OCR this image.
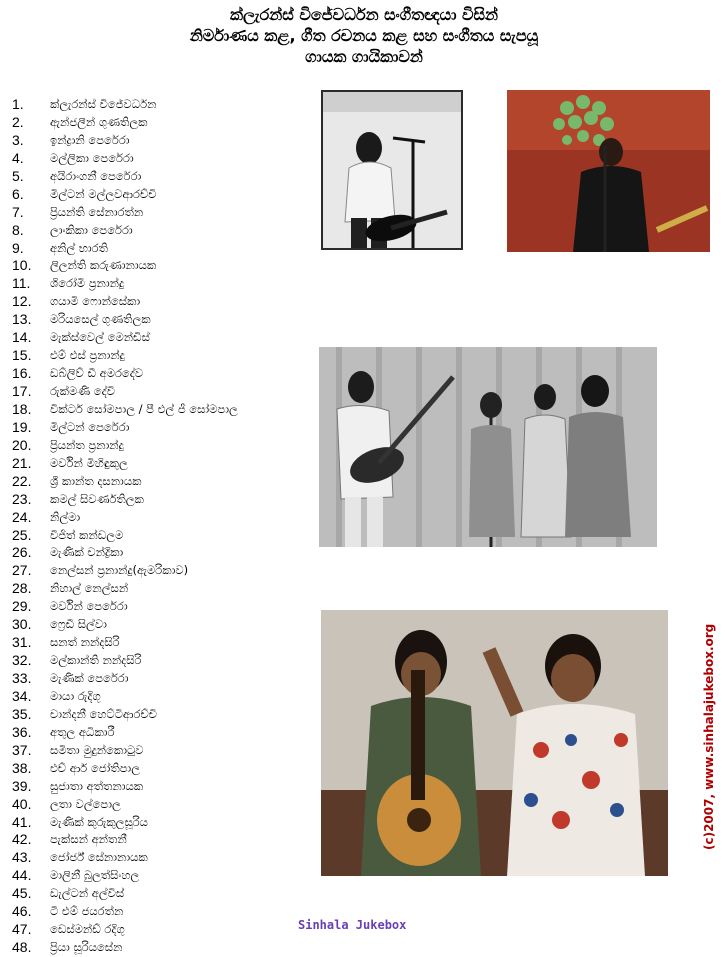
ක්ලැරන්ස් විජේවර්ධන සංගීතඥයා විසින්
නිර්මාණය කළ, ගීත රචනය කළ සහ සංගීතය සැපයූ
ගායක ගායිකාවන්
1.	ක්ලැරන්ස් විජේවර්ධන
2.	ඇන්ජලීන් ගුණතිලක
3.	ඉන්ද්‍රානි පෙරේරා
4.	මල්ලිකා පෙරේරා
5.	අයිරාංගනී පෙරේරා
6.	මිල්ටන් මල්ලවආරච්චි
7.	ප්‍රියන්ති සේනාරත්න
8.	ලාංකිකා පෙරේරා
9.	අනිල් භාරති
10.	ලිලන්ති කරුණානායක
11.	ශිරෝමි ප්‍රනාන්දු
12.	ගයාමි ෆොන්සේකා
13.	මරියසෙල් ගුණතිලක
14.	මැක්ස්වෙල් මෙන්ඩිස්
15.	එම් එස් ප්‍රනාන්දු
16.	ඩබ්ලිව් ඩී අමරදේව
17.	රුක්මණි දේවි
18.	වික්ටර් සෝමපාල / පී එල් ජී සෝමපාල
19.	මිල්ටන් පෙරේරා
20.	ප්‍රියන්ත ප්‍රනාන්දු
21.	මර්වින් මිහිඳුකුල
22.	ශ්‍රී කාන්ත දසනායක
23.	කමල් සිවර්ණතිලක
24.	නිල්මා
25.	විජිත් කන්ඩලම
26.	මැණික් චන්ද්‍රිකා
27.	නෙල්සන් ප්‍රනාන්දු(ඇමරිකාව)
28.	නිහාල් නෙල්සන්
29.	මර්වින් පෙරේරා
30.	ෆ්‍රෙඩී සිල්වා
31.	සනත් නන්දසිරි
32.	මල්කාන්ති නන්දසිරි
33.	මැණික් පෙරේරා
34.	මායා රුදිගු
35.	චාන්දනී හෙට්ටිආරච්චි
36.	අතුල අධිකාරී
37.	සමිතා මුදුන්කොටුව
38.	එච් ආර් ජෝතිපාල
39.	සුජාතා අත්තනායක
40.	ලතා වල්පොල
41.	මැණික් කුරුකුලසූරිය
42.	පැක්සන් අන්තනී
43.	ජෝර්ජ් සේනානායක
44.	මාලිනී බුලත්සිංහල
45.	ඩැල්ටන් අල්විස්
46.	ටී එම් ජයරත්න
47.	ඩෙස්මන්ඩ් රදිගු
48.	ප්‍රියා සූරියසේන
(c)2007, www.sinhalajukebox.org
Sinhala Jukebox
